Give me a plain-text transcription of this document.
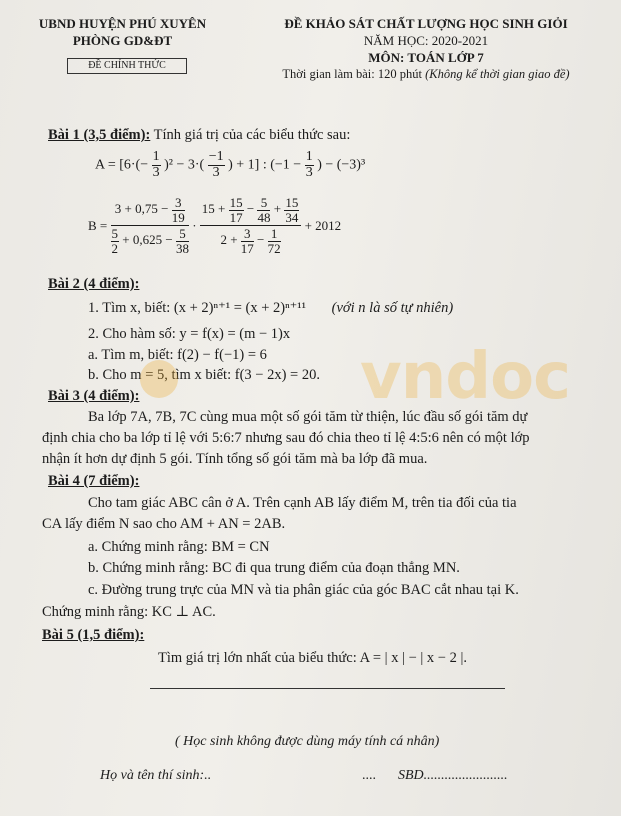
UBND HUYỆN PHÚ XUYÊN
PHÒNG GD&ĐT
ĐỀ CHÍNH THỨC
ĐỀ KHẢO SÁT CHẤT LƯỢNG HỌC SINH GIỎI
NĂM HỌC: 2020-2021
MÔN: TOÁN LỚP 7
Thời gian làm bài: 120 phút (Không kể thời gian giao đề)
Bài 1 (3,5 điểm): Tính giá trị của các biểu thức sau:
$A = [6\cdot(- \frac{1}{3} )^2 - 3\cdot( \frac{-1}{3}$ ) + 1] : ($-1 - \frac{1}{3}$ ) − (−3)³
$B = \frac{3 + 0,75 - \frac{3}{19}}{\frac{5}{2} + 0,625 - \frac{5}{38}}$ ·
$15 + \frac{15}{17} - \frac{5}{48} + \frac{15}{34}$
$2 + \frac{3}{17} - \frac{1}{72}$
+ 2012
Bài 2 (4 điểm):
1. Tìm x, biết: (x + 2)ⁿ⁺¹ = (x + 2)ⁿ⁺¹¹ (với n là số tự nhiên)
2. Cho hàm số: y = f(x) = (m − 1)x
a. Tìm m, biết: f(2) − f(−1) = 6
b. Cho m = 5, tìm x biết: f(3 − 2x) = 20.
Bài 3 (4 điểm):
Ba lớp 7A, 7B, 7C cùng mua một số gói tăm từ thiện, lúc đầu số gói tăm dự
định chia cho ba lớp tỉ lệ với 5:6:7 nhưng sau đó chia theo tỉ lệ 4:5:6 nên có một lớp
nhận ít hơn dự định 5 gói. Tính tổng số gói tăm mà ba lớp đã mua.
Bài 4 (7 điểm):
Cho tam giác ABC cân ở A. Trên cạnh AB lấy điểm M, trên tia đối của tia
CA lấy điểm N sao cho AM + AN = 2AB.
a. Chứng minh rằng: BM = CN
b. Chứng minh rằng: BC đi qua trung điểm của đoạn thẳng MN.
c. Đường trung trực của MN và tia phân giác của góc BAC cắt nhau tại K.
Chứng minh rằng: KC ⊥ AC.
Bài 5 (1,5 điểm):
Tìm giá trị lớn nhất của biểu thức: A = | x | − | x − 2 |.
( Học sinh không được dùng máy tính cá nhân)
Họ và tên thí sinh:..	.... SBD........................
vndoc
